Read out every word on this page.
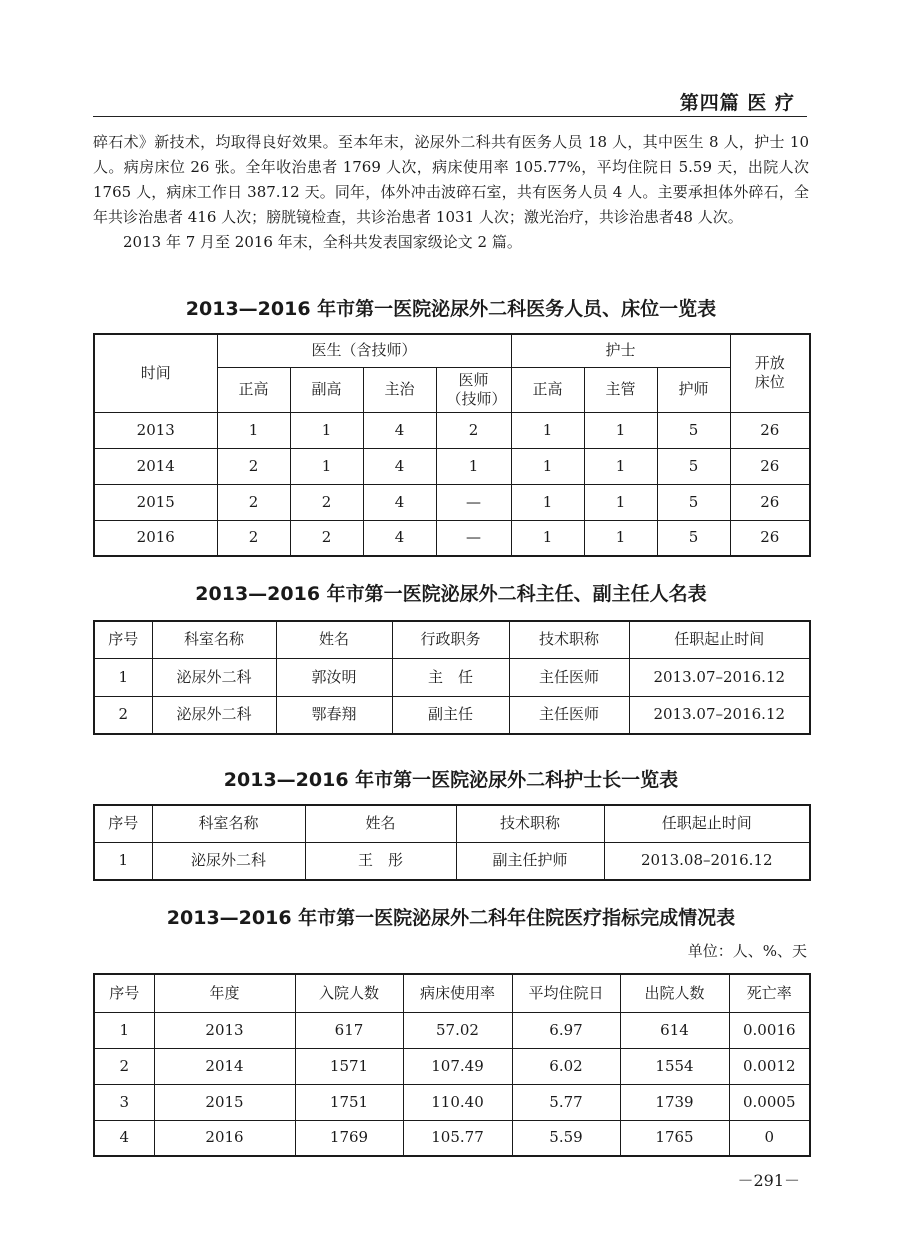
第四篇 医 疗

碎石术》新技术，均取得良好效果。至本年末，泌尿外二科共有医务人员 18 人，其中医生 8 人，护士 10 人。病房床位 26 张。全年收治患者 1769 人次，病床使用率 105.77%，平均住院日 5.59 天，出院人次 1765 人，病床工作日 387.12 天。同年，体外冲击波碎石室，共有医务人员 4 人。主要承担体外碎石，全年共诊治患者 416 人次；膀胱镜检查，共诊治患者 1031 人次；激光治疗，共诊治患者48 人次。

2013 年 7 月至 2016 年末，全科共发表国家级论文 2 篇。

2013—2016 年市第一医院泌尿外二科医务人员、床位一览表
时间	医生（含技师）				护士			开放床位
	正高	副高	主治	医师（技师）	正高	主管	护师	
2013	1	1	4	2	1	1	5	26
2014	2	1	4	1	1	1	5	26
2015	2	2	4	—	1	1	5	26
2016	2	2	4	—	1	1	5	26
2013—2016 年市第一医院泌尿外二科主任、副主任人名表
序号	科室名称	姓名	行政职务	技术职称	任职起止时间
1	泌尿外二科	郭汝明	主　任	主任医师	2013.07–2016.12
2	泌尿外二科	鄂春翔	副主任	主任医师	2013.07–2016.12
2013—2016 年市第一医院泌尿外二科护士长一览表
序号	科室名称	姓名	技术职称	任职起止时间
1	泌尿外二科	王　彤	副主任护师	2013.08–2016.12
2013—2016 年市第一医院泌尿外二科年住院医疗指标完成情况表
单位：人、%、天
序号	年度	入院人数	病床使用率	平均住院日	出院人数	死亡率
1	2013	617	57.02	6.97	614	0.0016
2	2014	1571	107.49	6.02	1554	0.0012
3	2015	1751	110.40	5.77	1739	0.0005
4	2016	1769	105.77	5.59	1765	0
－291－
